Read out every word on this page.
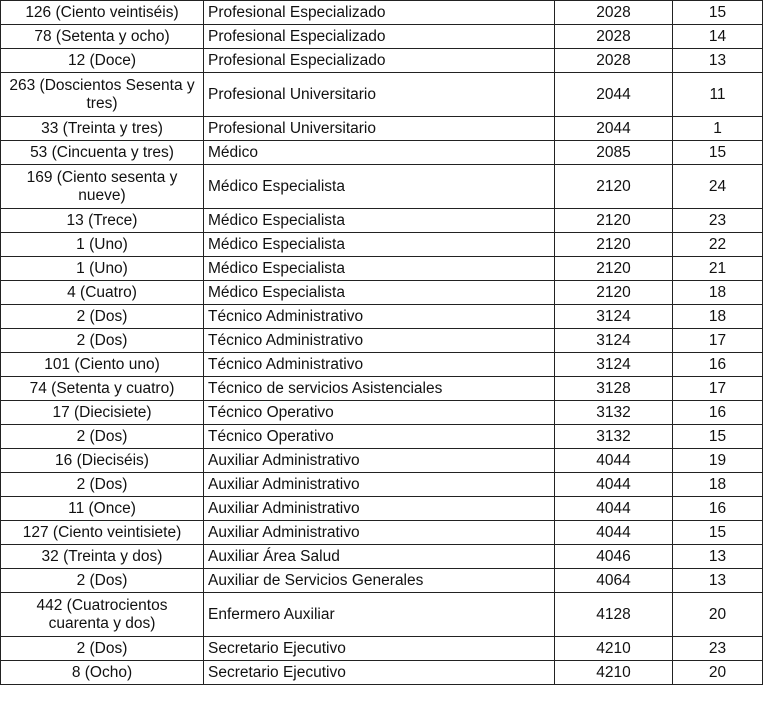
126 (Ciento veintiséis)	Profesional Especializado	2028	15
78 (Setenta y ocho)	Profesional Especializado	2028	14
12 (Doce)	Profesional Especializado	2028	13
263 (Doscientos Sesenta y tres)	Profesional Universitario	2044	11
33 (Treinta y tres)	Profesional Universitario	2044	1
53 (Cincuenta y tres)	Médico	2085	15
169 (Ciento sesenta y nueve)	Médico Especialista	2120	24
13 (Trece)	Médico Especialista	2120	23
1 (Uno)	Médico Especialista	2120	22
1 (Uno)	Médico Especialista	2120	21
4 (Cuatro)	Médico Especialista	2120	18
2 (Dos)	Técnico Administrativo	3124	18
2 (Dos)	Técnico Administrativo	3124	17
101 (Ciento uno)	Técnico Administrativo	3124	16
74 (Setenta y cuatro)	Técnico de servicios Asistenciales	3128	17
17 (Diecisiete)	Técnico Operativo	3132	16
2 (Dos)	Técnico Operativo	3132	15
16 (Dieciséis)	Auxiliar Administrativo	4044	19
2 (Dos)	Auxiliar Administrativo	4044	18
11 (Once)	Auxiliar Administrativo	4044	16
127 (Ciento veintisiete)	Auxiliar Administrativo	4044	15
32 (Treinta y dos)	Auxiliar Área Salud	4046	13
2 (Dos)	Auxiliar de Servicios Generales	4064	13
442 (Cuatrocientos cuarenta y dos)	Enfermero Auxiliar	4128	20
2 (Dos)	Secretario Ejecutivo	4210	23
8 (Ocho)	Secretario Ejecutivo	4210	20
